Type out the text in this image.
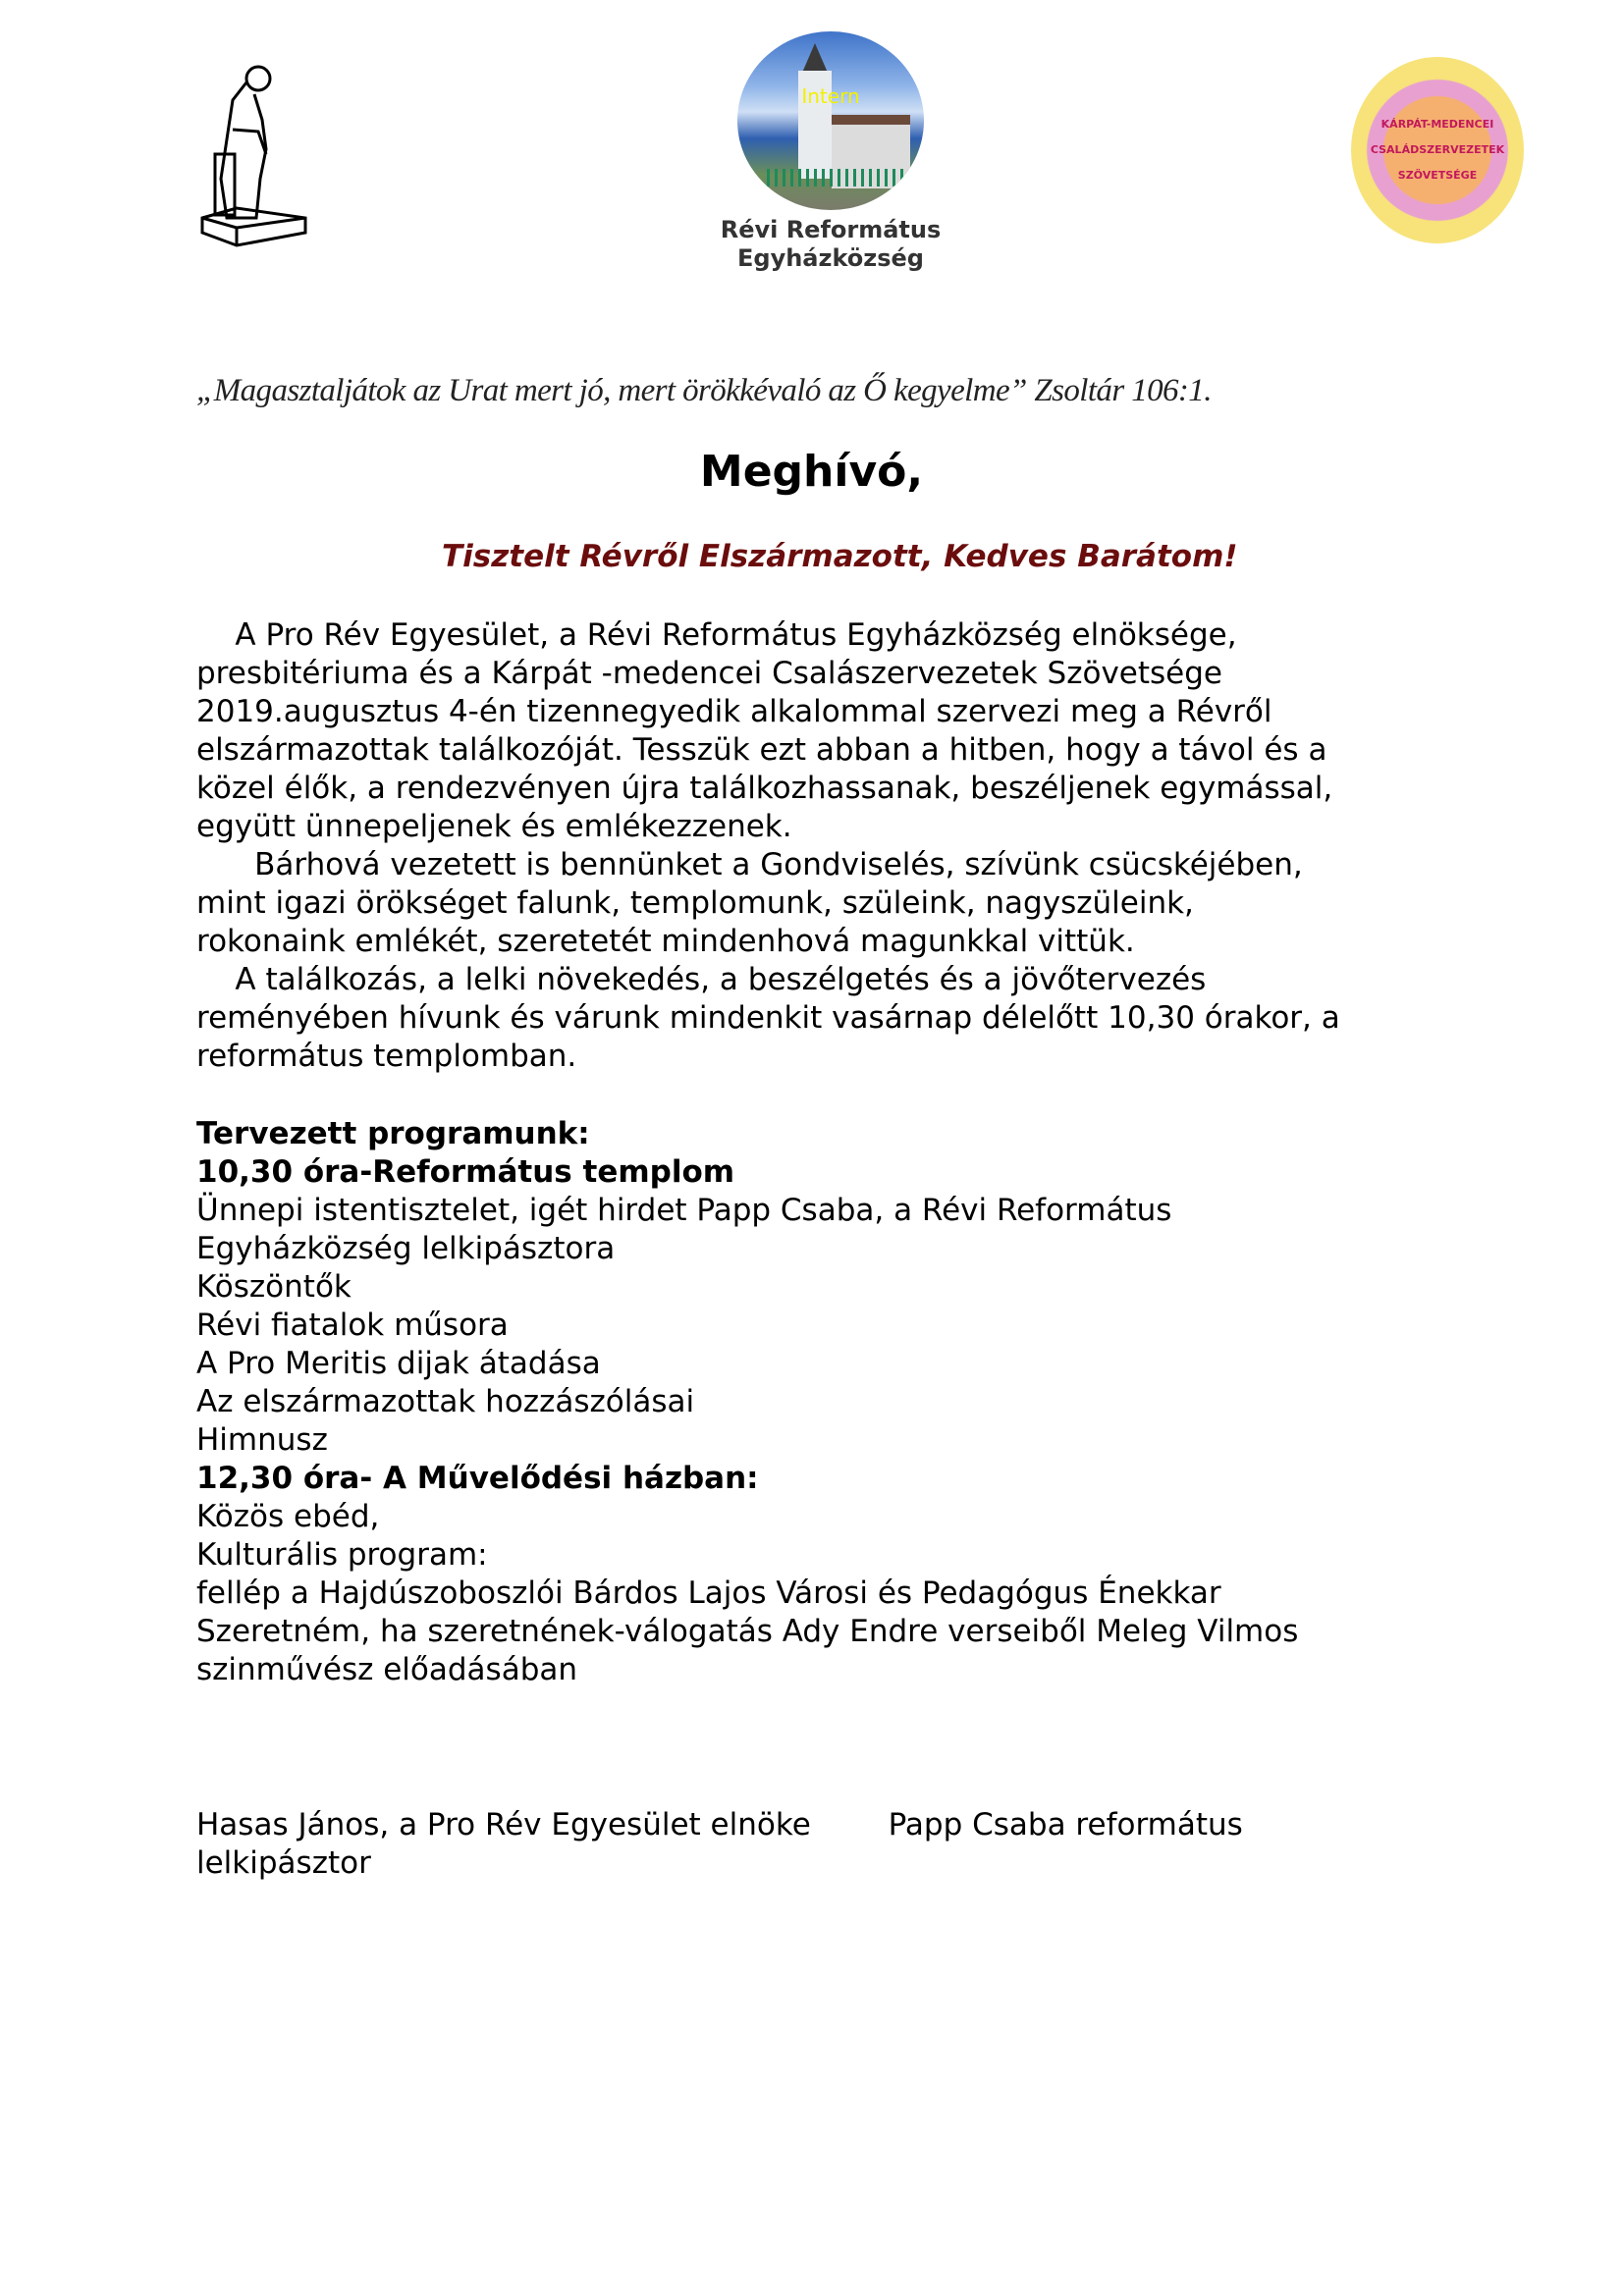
Intern
Révi Református
Egyházközség
KÁRPÁT-MEDENCEI
CSALÁDSZERVEZETEK
SZÖVETSÉGE
„Magasztaljátok az Urat mert jó, mert örökkévaló az Ő kegyelme” Zsoltár 106:1.
Meghívó,
Tisztelt Révről Elszármazott, Kedves Barátom!
A Pro Rév Egyesület, a Révi Református Egyházközség elnöksége,
presbitériuma és a Kárpát -medencei Csalászervezetek Szövetsége
2019.augusztus 4-én tizennegyedik alkalommal szervezi meg a Révről
elszármazottak találkozóját. Tesszük ezt abban a hitben, hogy a távol és a
közel élők, a rendezvényen újra találkozhassanak, beszéljenek egymással,
együtt ünnepeljenek és emlékezzenek.
Bárhová vezetett is bennünket a Gondviselés, szívünk csücskéjében,
mint igazi örökséget falunk, templomunk, szüleink, nagyszüleink,
rokonaink emlékét, szeretetét mindenhová magunkkal vittük.
A találkozás, a lelki növekedés, a beszélgetés és a jövőtervezés
reményében hívunk és várunk mindenkit vasárnap délelőtt 10,30 órakor, a
református templomban.
Tervezett programunk:
10,30 óra-Református templom
Ünnepi istentisztelet, igét hirdet Papp Csaba, a Révi Református
Egyházközség lelkipásztora
Köszöntők
Révi fiatalok műsora
A Pro Meritis dijak átadása
Az elszármazottak hozzászólásai
Himnusz
12,30 óra- A Művelődési házban:
Közös ebéd,
Kulturális program:
fellép a Hajdúszoboszlói Bárdos Lajos Városi és Pedagógus Énekkar
Szeretném, ha szeretnének-válogatás Ady Endre verseiből Meleg Vilmos
szinművész előadásában
Hasas János, a Pro Rév Egyesület elnöke        Papp Csaba református
lelkipásztor
